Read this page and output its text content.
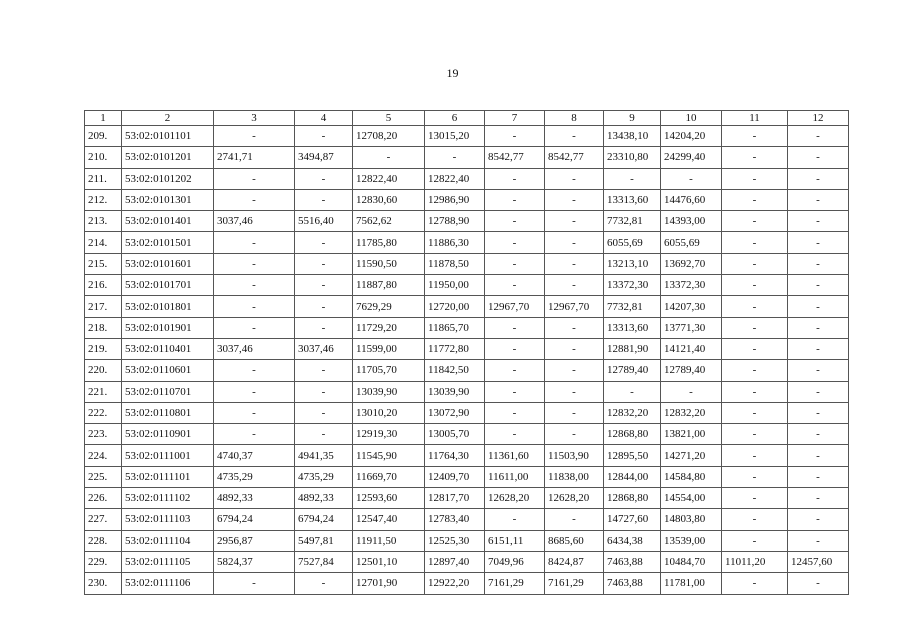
19
1	2	3	4	5	6	7	8	9	10	11	12
209.	53:02:0101101	-	-	12708,20	13015,20	-	-	13438,10	14204,20	-	-
210.	53:02:0101201	2741,71	3494,87	-	-	8542,77	8542,77	23310,80	24299,40	-	-
211.	53:02:0101202	-	-	12822,40	12822,40	-	-	-	-	-	-
212.	53:02:0101301	-	-	12830,60	12986,90	-	-	13313,60	14476,60	-	-
213.	53:02:0101401	3037,46	5516,40	7562,62	12788,90	-	-	7732,81	14393,00	-	-
214.	53:02:0101501	-	-	11785,80	11886,30	-	-	6055,69	6055,69	-	-
215.	53:02:0101601	-	-	11590,50	11878,50	-	-	13213,10	13692,70	-	-
216.	53:02:0101701	-	-	11887,80	11950,00	-	-	13372,30	13372,30	-	-
217.	53:02:0101801	-	-	7629,29	12720,00	12967,70	12967,70	7732,81	14207,30	-	-
218.	53:02:0101901	-	-	11729,20	11865,70	-	-	13313,60	13771,30	-	-
219.	53:02:0110401	3037,46	3037,46	11599,00	11772,80	-	-	12881,90	14121,40	-	-
220.	53:02:0110601	-	-	11705,70	11842,50	-	-	12789,40	12789,40	-	-
221.	53:02:0110701	-	-	13039,90	13039,90	-	-	-	-	-	-
222.	53:02:0110801	-	-	13010,20	13072,90	-	-	12832,20	12832,20	-	-
223.	53:02:0110901	-	-	12919,30	13005,70	-	-	12868,80	13821,00	-	-
224.	53:02:0111001	4740,37	4941,35	11545,90	11764,30	11361,60	11503,90	12895,50	14271,20	-	-
225.	53:02:0111101	4735,29	4735,29	11669,70	12409,70	11611,00	11838,00	12844,00	14584,80	-	-
226.	53:02:0111102	4892,33	4892,33	12593,60	12817,70	12628,20	12628,20	12868,80	14554,00	-	-
227.	53:02:0111103	6794,24	6794,24	12547,40	12783,40	-	-	14727,60	14803,80	-	-
228.	53:02:0111104	2956,87	5497,81	11911,50	12525,30	6151,11	8685,60	6434,38	13539,00	-	-
229.	53:02:0111105	5824,37	7527,84	12501,10	12897,40	7049,96	8424,87	7463,88	10484,70	11011,20	12457,60
230.	53:02:0111106	-	-	12701,90	12922,20	7161,29	7161,29	7463,88	11781,00	-	-
